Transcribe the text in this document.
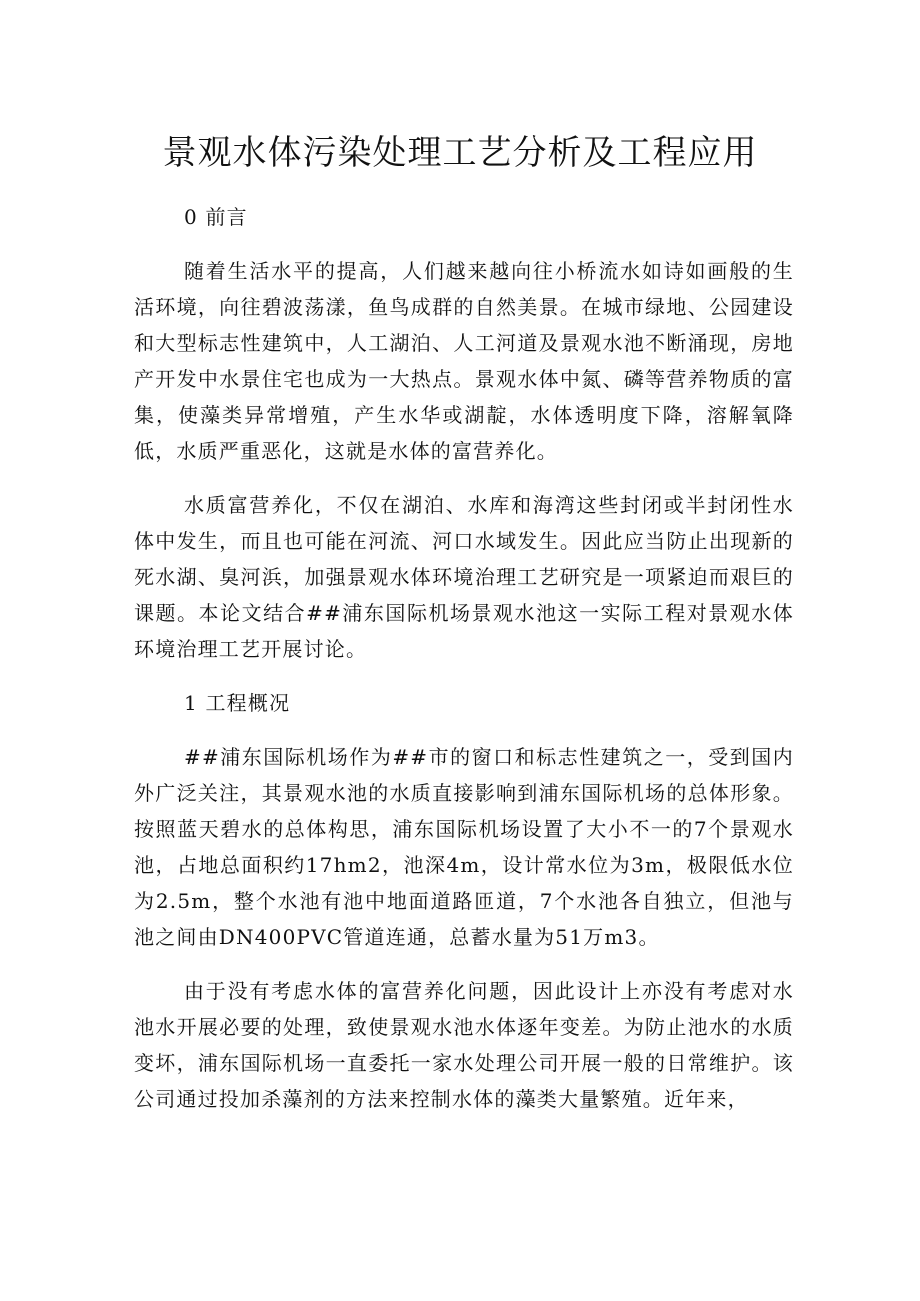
景观水体污染处理工艺分析及工程应用

0 前言

随着生活水平的提高，人们越来越向往小桥流水如诗如画般的生活环境，向往碧波荡漾，鱼鸟成群的自然美景。在城市绿地、公园建设和大型标志性建筑中，人工湖泊、人工河道及景观水池不断涌现，房地产开发中水景住宅也成为一大热点。景观水体中氮、磷等营养物质的富集，使藻类异常增殖，产生水华或湖靛，水体透明度下降，溶解氧降低，水质严重恶化，这就是水体的富营养化。

水质富营养化，不仅在湖泊、水库和海湾这些封闭或半封闭性水体中发生，而且也可能在河流、河口水域发生。因此应当防止出现新的死水湖、臭河浜，加强景观水体环境治理工艺研究是一项紧迫而艰巨的课题。本论文结合##浦东国际机场景观水池这一实际工程对景观水体环境治理工艺开展讨论。

1 工程概况

##浦东国际机场作为##市的窗口和标志性建筑之一，受到国内外广泛关注，其景观水池的水质直接影响到浦东国际机场的总体形象。按照蓝天碧水的总体构思，浦东国际机场设置了大小不一的7个景观水池，占地总面积约17hm2，池深4m，设计常水位为3m，极限低水位为2.5m，整个水池有池中地面道路匝道，7个水池各自独立，但池与池之间由DN400PVC管道连通，总蓄水量为51万m3。

由于没有考虑水体的富营养化问题，因此设计上亦没有考虑对水池水开展必要的处理，致使景观水池水体逐年变差。为防止池水的水质变坏，浦东国际机场一直委托一家水处理公司开展一般的日常维护。该公司通过投加杀藻剂的方法来控制水体的藻类大量繁殖。近年来，
